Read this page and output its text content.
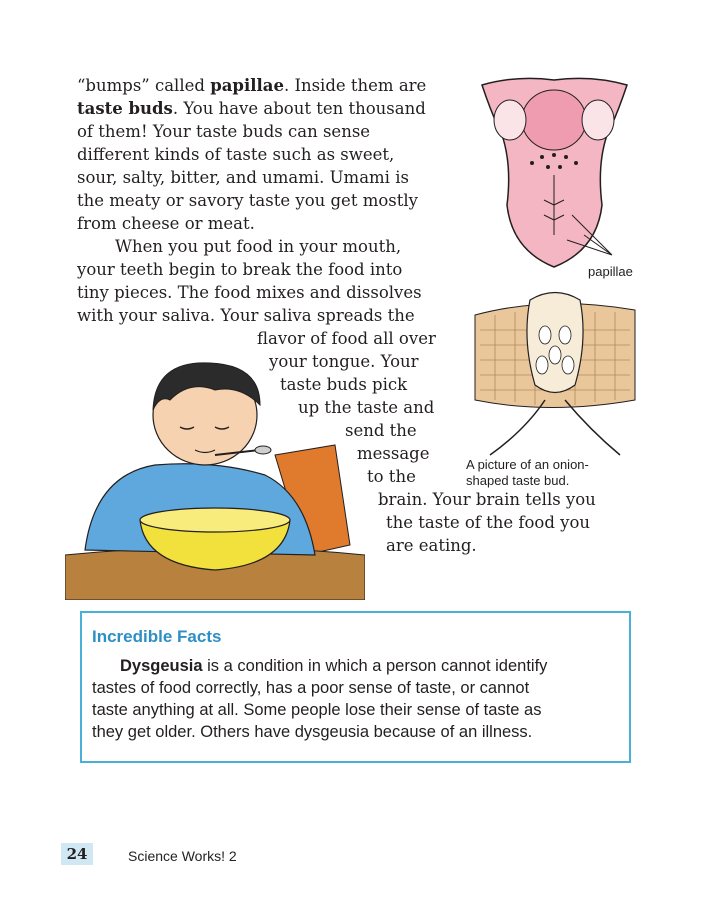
papillae
A picture of an onion-
shaped taste bud.
“bumps” called papillae. Inside them are
taste buds. You have about ten thousand
of them! Your taste buds can sense
different kinds of taste such as sweet,
sour, salty, bitter, and umami. Umami is
the meaty or savory taste you get mostly
from cheese or meat.
When you put food in your mouth,
your teeth begin to break the food into
tiny pieces. The food mixes and dissolves
with your saliva. Your saliva spreads the
flavor of food all over
your tongue. Your
taste buds pick
up the taste and
send the
message
to the
brain. Your brain tells you
the taste of the food you
are eating.
Incredible Facts
Dysgeusia is a condition in which a person cannot identify
tastes of food correctly, has a poor sense of taste, or cannot
taste anything at all. Some people lose their sense of taste as
they get older. Others have dysgeusia because of an illness.
24	Science Works! 2
